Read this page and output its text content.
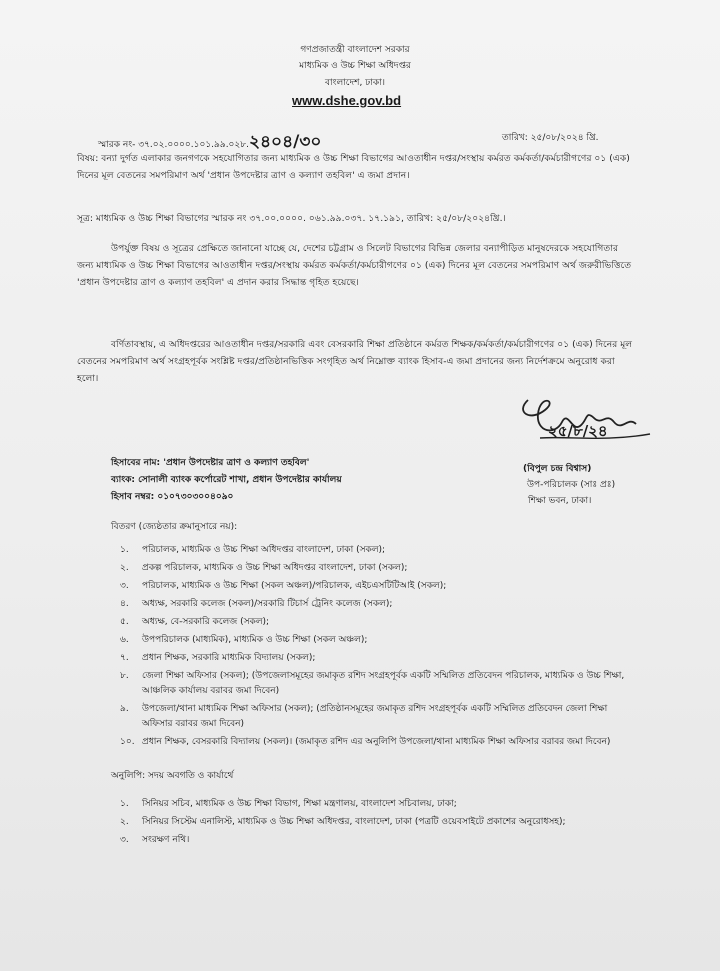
গণপ্রজাতন্ত্রী বাংলাদেশ সরকার
মাধ্যমিক ও উচ্চ শিক্ষা অধিদপ্তর
বাংলাদেশ, ঢাকা।
www.dshe.gov.bd
স্মারক নং- ৩৭.০২.০০০০.১০১.৯৯.০২৮.২৪০৪/৩০	তারিখ: ২৫/০৮/২০২৪ খ্রি.
বিষয়: বন্যা দুর্গত এলাকার জনগণকে সহযোগিতার জন্য মাধ্যমিক ও উচ্চ শিক্ষা বিভাগের আওতাধীন দপ্তর/সংস্থায় কর্মরত কর্মকর্তা/কর্মচারীগণের ০১ (এক) দিনের মূল বেতনের সমপরিমাণ অর্থ 'প্রধান উপদেষ্টার ত্রাণ ও কল্যাণ তহবিল' এ জমা প্রদান।
সূত্র: মাধ্যমিক ও উচ্চ শিক্ষা বিভাগের স্মারক নং ৩৭.০০.০০০০. ০৬১.৯৯.০৩৭. ১৭.১৯১, তারিখ: ২৫/০৮/২০২৪খ্রি.।
উপর্যুক্ত বিষয় ও সূত্রের প্রেক্ষিতে জানানো যাচ্ছে যে, দেশের চট্টগ্রাম ও সিলেট বিভাগের বিভিন্ন জেলার বন্যাপীড়িত মানুষদেরকে সহযোগিতার জন্য মাধ্যমিক ও উচ্চ শিক্ষা বিভাগের আওতাধীন দপ্তর/সংস্থায় কর্মরত কর্মকর্তা/কর্মচারীগণের ০১ (এক) দিনের মূল বেতনের সমপরিমাণ অর্থ জরুরীভিত্তিতে 'প্রধান উপদেষ্টার ত্রাণ ও কল্যাণ তহবিল' এ প্রদান করার সিদ্ধান্ত গৃহিত হয়েছে।
বর্ণিতাবস্থায়, এ অধিদপ্তরের আওতাধীন দপ্তর/সরকারি এবং বেসরকারি শিক্ষা প্রতিষ্ঠানে কর্মরত শিক্ষক/কর্মকর্তা/কর্মচারীগণের ০১ (এক) দিনের মূল বেতনের সমপরিমাণ অর্থ সংগ্রহপূর্বক সংশ্লিষ্ট দপ্তর/প্রতিষ্ঠানভিত্তিক সংগৃহিত অর্থ নিম্নোক্ত ব্যাংক হিসাব-এ জমা প্রদানের জন্য নির্দেশক্রমে অনুরোধ করা হলো।
২৫/৮/২৪
হিসাবের নাম: 'প্রধান উপদেষ্টার ত্রাণ ও কল্যাণ তহবিল'
ব্যাংক: সোনালী ব্যাংক কর্পোরেট শাখা, প্রধান উপদেষ্টার কার্যালয়
হিসাব নম্বর: ০১০৭৩০৩০০৪০৯০
(বিপুল চন্দ্র বিশ্বাস)
উপ-পরিচালক (সাঃ প্রঃ)
শিক্ষা ভবন, ঢাকা।
বিতরণ (জ্যেষ্ঠতার ক্রমানুসারে নয়):
১. পরিচালক, মাধ্যমিক ও উচ্চ শিক্ষা অধিদপ্তর বাংলাদেশ, ঢাকা (সকল);
২. প্রকল্প পরিচালক, মাধ্যমিক ও উচ্চ শিক্ষা অধিদপ্তর বাংলাদেশ, ঢাকা (সকল);
৩. পরিচালক, মাধ্যমিক ও উচ্চ শিক্ষা (সকল অঞ্চল)/পরিচালক, এইচএসটিটিআই (সকল);
৪. অধ্যক্ষ, সরকারি কলেজ (সকল)/সরকারি টিচার্স ট্রেনিং কলেজ (সকল);
৫. অধ্যক্ষ, বে-সরকারি কলেজ (সকল);
৬. উপপরিচালক (মাধ্যমিক), মাধ্যমিক ও উচ্চ শিক্ষা (সকল অঞ্চল);
৭. প্রধান শিক্ষক, সরকারি মাধ্যমিক বিদ্যালয় (সকল);
৮. জেলা শিক্ষা অফিসার (সকল); (উপজেলাসমূহের জমাকৃত রশিদ সংগ্রহপূর্বক একটি সম্মিলিত প্রতিবেদন পরিচালক, মাধ্যমিক ও উচ্চ শিক্ষা, আঞ্চলিক কার্যালয় বরাবর জমা দিবেন)
৯. উপজেলা/থানা মাধ্যমিক শিক্ষা অফিসার (সকল); (প্রতিষ্ঠানসমূহের জমাকৃত রশিদ সংগ্রহপূর্বক একটি সম্মিলিত প্রতিবেদন জেলা শিক্ষা অফিসার বরাবর জমা দিবেন)
১০. প্রধান শিক্ষক, বেসরকারি বিদ্যালয় (সকল)। (জমাকৃত রশিদ এর অনুলিপি উপজেলা/থানা মাধ্যমিক শিক্ষা অফিসার বরাবর জমা দিবেন)
অনুলিপি: সদয় অবগতি ও কার্যার্থে
১. সিনিয়র সচিব, মাধ্যমিক ও উচ্চ শিক্ষা বিভাগ, শিক্ষা মন্ত্রণালয়, বাংলাদেশ সচিবালয়, ঢাকা;
২. সিনিয়র সিস্টেম এনালিস্ট, মাধ্যমিক ও উচ্চ শিক্ষা অধিদপ্তর, বাংলাদেশ, ঢাকা (পত্রটি ওয়েবসাইটে প্রকাশের অনুরোধসহ);
৩. সংরক্ষণ নথি।
